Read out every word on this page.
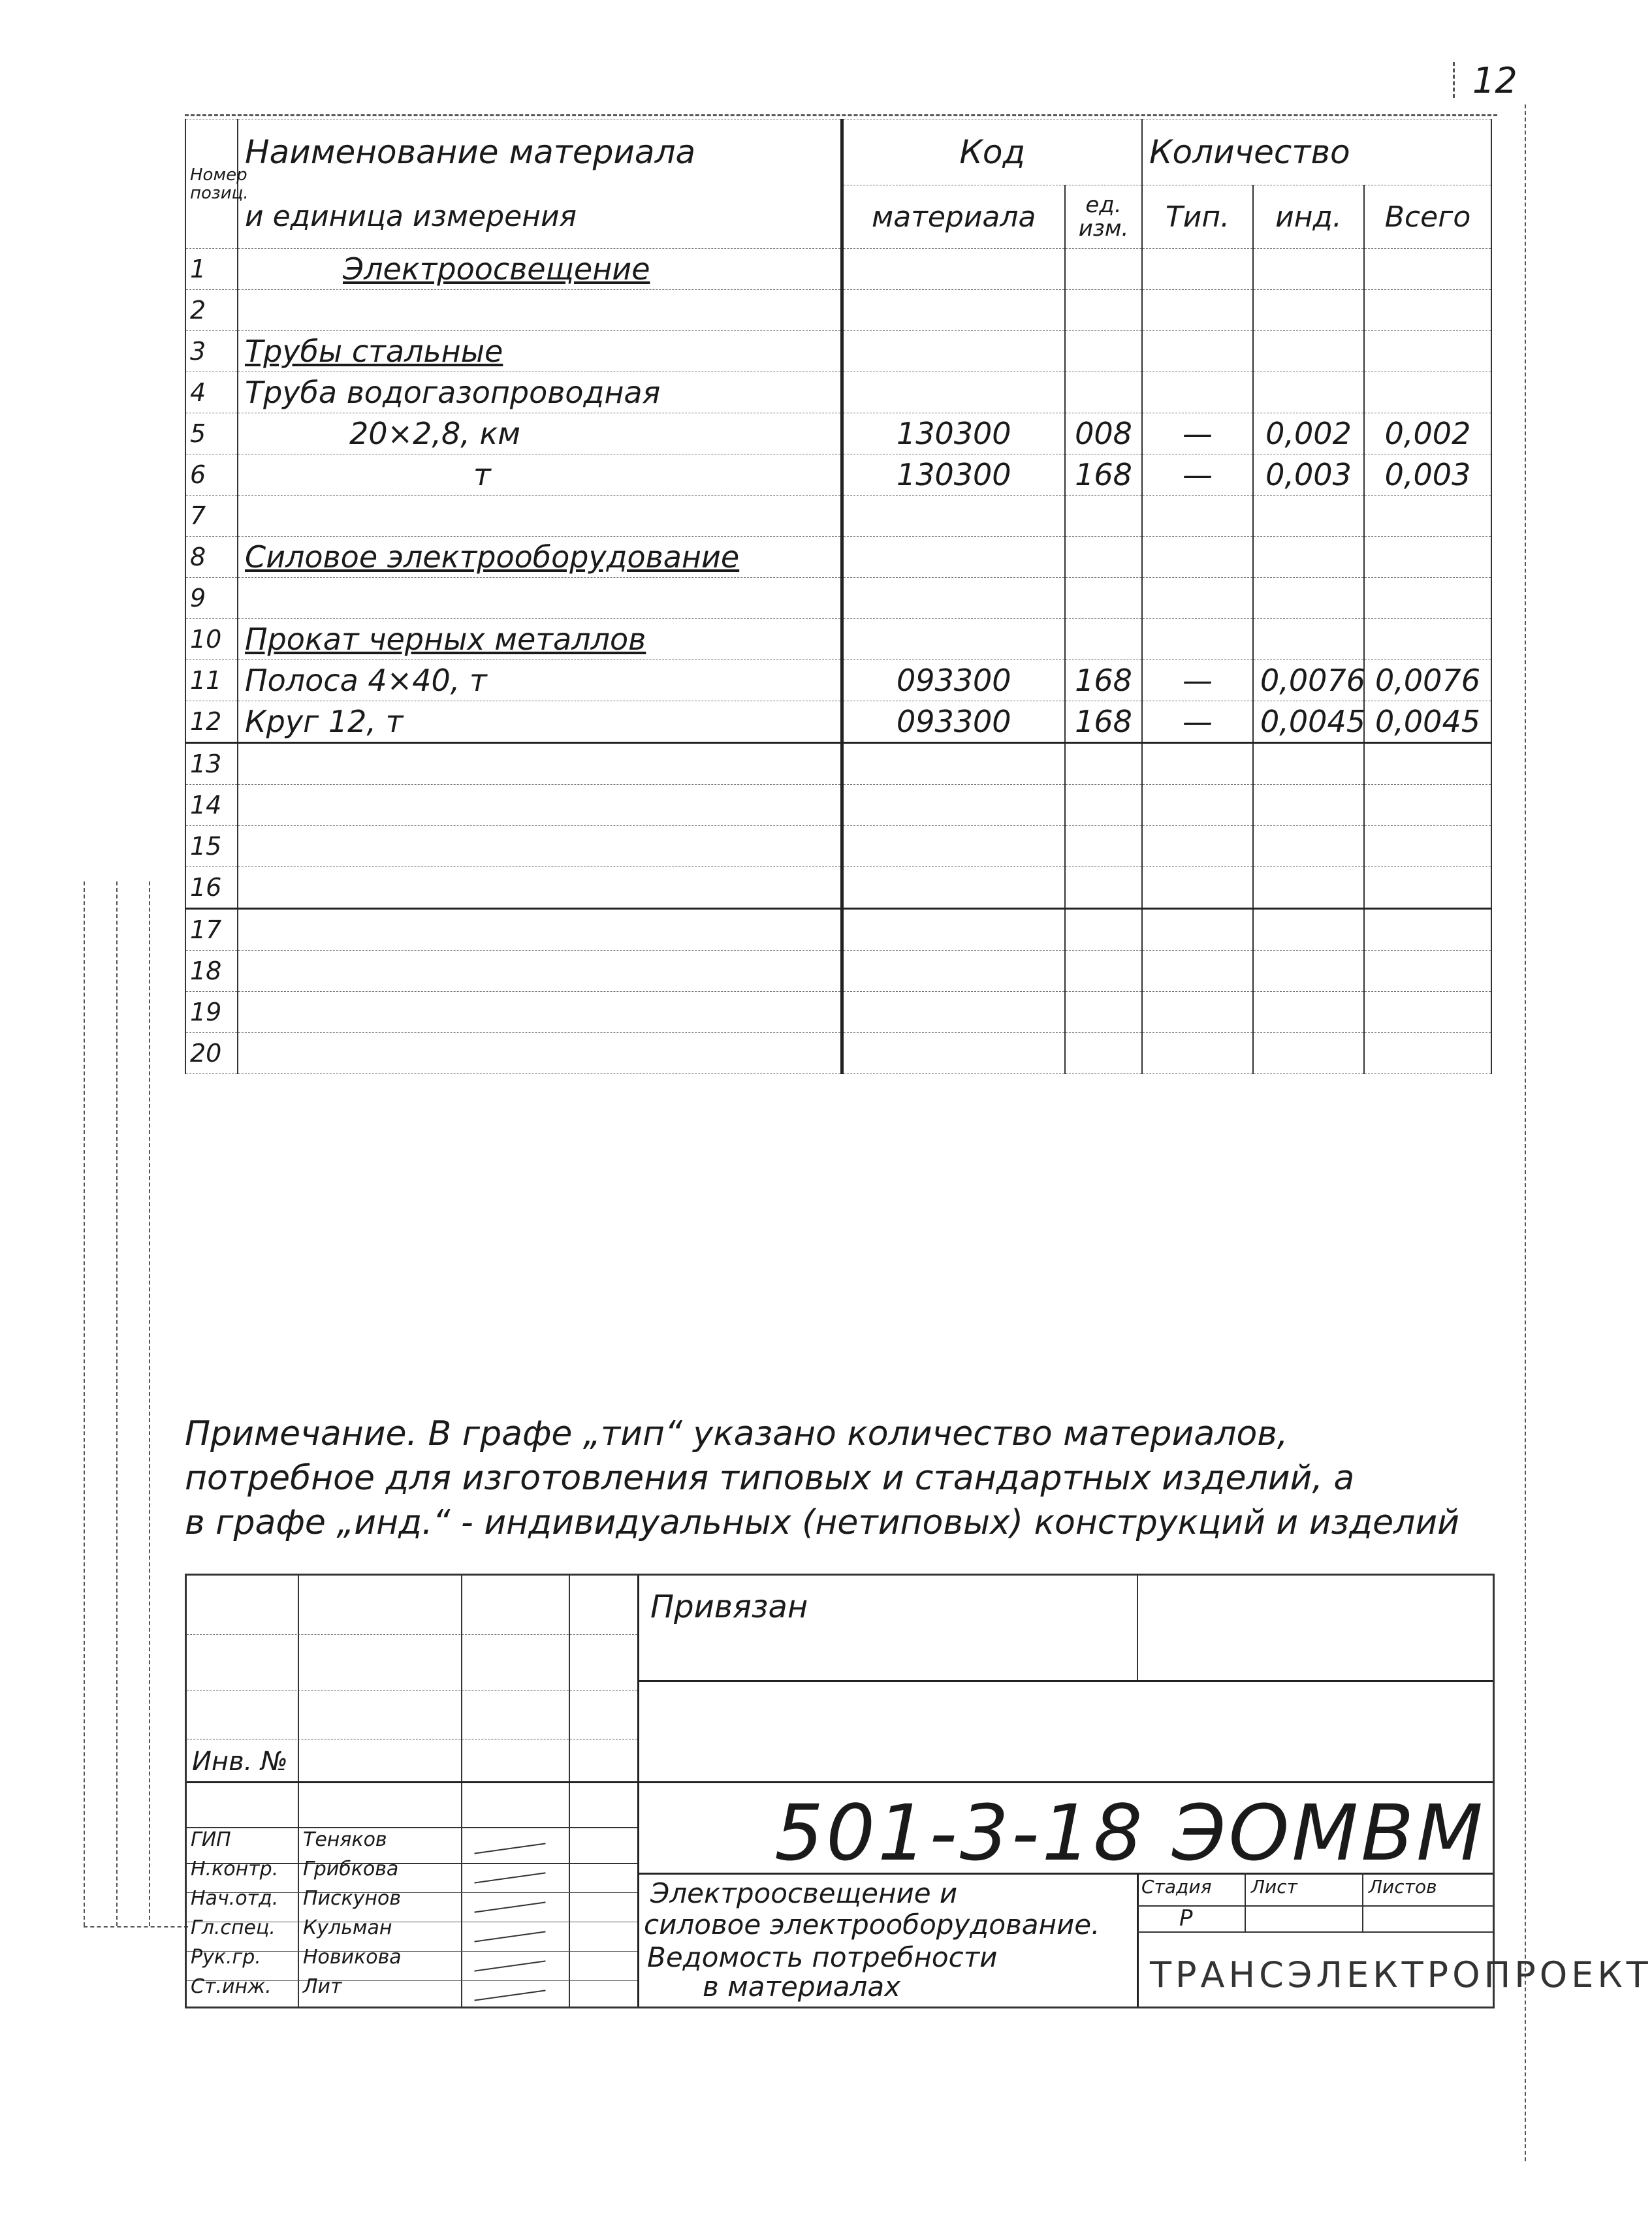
12
Номер позиц.	Наименование материала	Код		Количество		
	и единица измерения	материала	ед. изм.	Тип.	инд.	Всего
1	Электроосвещение					
2						
3	Трубы стальные					
4	Труба водогазопроводная					
5	20×2,8, км	130300	008	—	0,002	0,002
6	т	130300	168	—	0,003	0,003
7						
8	Силовое электрооборудование					
9						
10	Прокат черных металлов					
11	Полоса 4×40, т	093300	168	—	0,0076	0,0076
12	Круг 12, т	093300	168	—	0,0045	0,0045
13						
14						
15						
16						
17						
18						
19						
20						
Примечание. В графе „тип“ указано количество материалов,
потребное для изготовления типовых и стандартных изделий, а
в графе „инд.“ - индивидуальных (нетиповых) конструкций и изделий
Привязан
Инв. №
501-3-18 ЭОМВМ
Электроосвещение и
силовое электрооборудование.
Ведомость потребности
в материалах
Стадия Лист	Листов
Р
ТРАНСЭЛЕКТРОПРОЕКТ
ГИП	Теняков
Н.контр. Грибкова
Нач.отд. Пискунов
Гл.спец. Кульман
Рук.гр. Новикова
Ст.инж. Лит
